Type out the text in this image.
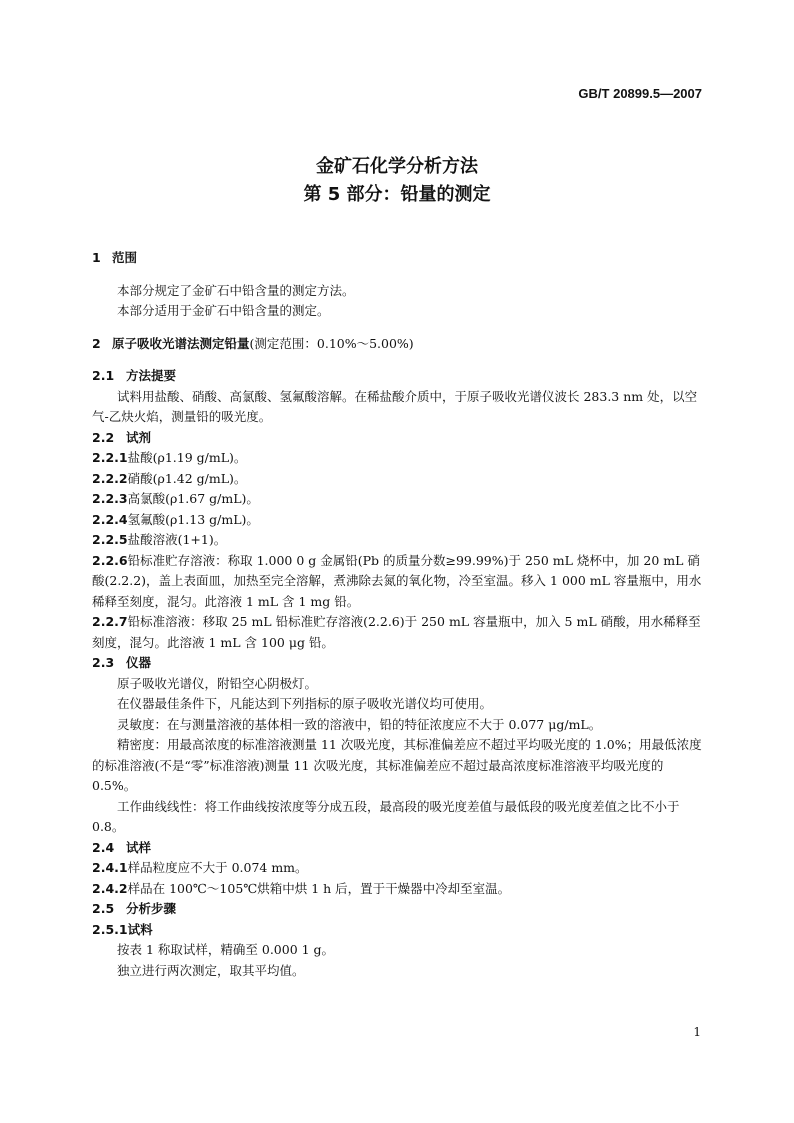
GB/T 20899.5—2007
金矿石化学分析方法
第 5 部分：铅量的测定
1 范围

本部分规定了金矿石中铅含量的测定方法。

本部分适用于金矿石中铅含量的测定。

2 原子吸收光谱法测定铅量(测定范围：0.10%～5.00%)
2.1 方法提要

试料用盐酸、硝酸、高氯酸、氢氟酸溶解。在稀盐酸介质中，于原子吸收光谱仪波长 283.3 nm 处，以空气-乙炔火焰，测量铅的吸光度。

2.2 试剂

2.2.1盐酸(ρ1.19 g/mL)。

2.2.2硝酸(ρ1.42 g/mL)。

2.2.3高氯酸(ρ1.67 g/mL)。

2.2.4氢氟酸(ρ1.13 g/mL)。

2.2.5盐酸溶液(1+1)。

2.2.6铅标准贮存溶液：称取 1.000 0 g 金属铅(Pb 的质量分数≥99.99%)于 250 mL 烧杯中，加 20 mL 硝酸(2.2.2)，盖上表面皿，加热至完全溶解，煮沸除去氮的氧化物，冷至室温。移入 1 000 mL 容量瓶中，用水稀释至刻度，混匀。此溶液 1 mL 含 1 mg 铅。

2.2.7铅标准溶液：移取 25 mL 铅标准贮存溶液(2.2.6)于 250 mL 容量瓶中，加入 5 mL 硝酸，用水稀释至刻度，混匀。此溶液 1 mL 含 100 μg 铅。

2.3 仪器

原子吸收光谱仪，附铅空心阴极灯。

在仪器最佳条件下，凡能达到下列指标的原子吸收光谱仪均可使用。

灵敏度：在与测量溶液的基体相一致的溶液中，铅的特征浓度应不大于 0.077 μg/mL。

精密度：用最高浓度的标准溶液测量 11 次吸光度，其标准偏差应不超过平均吸光度的 1.0%；用最低浓度的标准溶液(不是“零”标准溶液)测量 11 次吸光度，其标准偏差应不超过最高浓度标准溶液平均吸光度的 0.5%。

工作曲线线性：将工作曲线按浓度等分成五段，最高段的吸光度差值与最低段的吸光度差值之比不小于 0.8。

2.4 试样

2.4.1样品粒度应不大于 0.074 mm。

2.4.2样品在 100℃～105℃烘箱中烘 1 h 后，置于干燥器中冷却至室温。

2.5 分析步骤
2.5.1试料

按表 1 称取试样，精确至 0.000 1 g。

独立进行两次测定，取其平均值。

1
